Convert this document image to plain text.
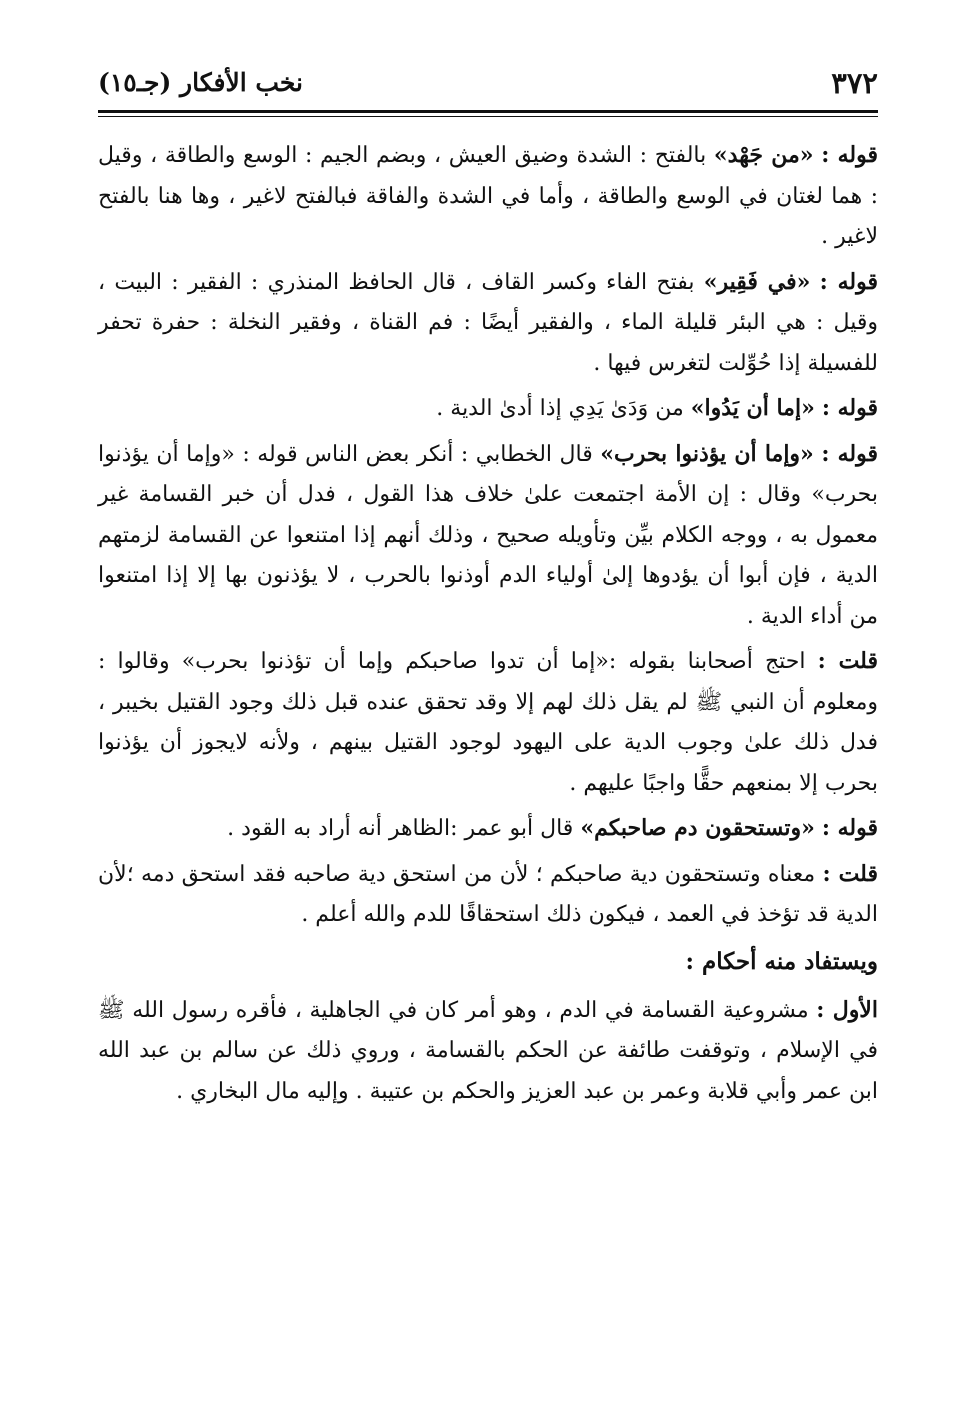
٣٧٢
نخب الأفكار (جـ١٥)

قوله : «من جَهْد» بالفتح : الشدة وضيق العيش ، وبضم الجيم : الوسع والطاقة ، وقيل : هما لغتان في الوسع والطاقة ، وأما في الشدة والفاقة فبالفتح لاغير ، وها هنا بالفتح لاغير .

قوله : «في فَقِير» بفتح الفاء وكسر القاف ، قال الحافظ المنذري : الفقير : البيت ، وقيل : هي البئر قليلة الماء ، والفقير أيضًا : فم القناة ، وفقير النخلة : حفرة تحفر للفسيلة إذا حُوِّلت لتغرس فيها .

قوله : «إما أن يَدُوا» من وَدَىٰ يَدِي إذا أدىٰ الدية .

قوله : «وإما أن يؤذنوا بحرب» قال الخطابي : أنكر بعض الناس قوله : «وإما أن يؤذنوا بحرب» وقال : إن الأمة اجتمعت علىٰ خلاف هذا القول ، فدل أن خبر القسامة غير معمول به ، ووجه الكلام بيِّن وتأويله صحيح ، وذلك أنهم إذا امتنعوا عن القسامة لزمتهم الدية ، فإن أبوا أن يؤدوها إلىٰ أولياء الدم أوذنوا بالحرب ، لا يؤذنون بها إلا إذا امتنعوا من أداء الدية .

قلت : احتج أصحابنا بقوله :«إما أن تدوا صاحبكم وإما أن تؤذنوا بحرب» وقالوا : ومعلوم أن النبي ﷺ لم يقل ذلك لهم إلا وقد تحقق عنده قبل ذلك وجود القتيل بخيبر ، فدل ذلك علىٰ وجوب الدية على اليهود لوجود القتيل بينهم ، ولأنه لايجوز أن يؤذنوا بحرب إلا بمنعهم حقًّا واجبًا عليهم .

قوله : «وتستحقون دم صاحبكم» قال أبو عمر :الظاهر أنه أراد به القود .

قلت : معناه وتستحقون دية صاحبكم ؛ لأن من استحق دية صاحبه فقد استحق دمه ؛لأن الدية قد تؤخذ في العمد ، فيكون ذلك استحقاقًا للدم والله أعلم .

ويستفاد منه أحكام :

الأول : مشروعية القسامة في الدم ، وهو أمر كان في الجاهلية ، فأقره رسول الله ﷺ في الإسلام ، وتوقفت طائفة عن الحكم بالقسامة ، وروي ذلك عن سالم بن عبد الله ابن عمر وأبي قلابة وعمر بن عبد العزيز والحكم بن عتيبة . وإليه مال البخاري .
